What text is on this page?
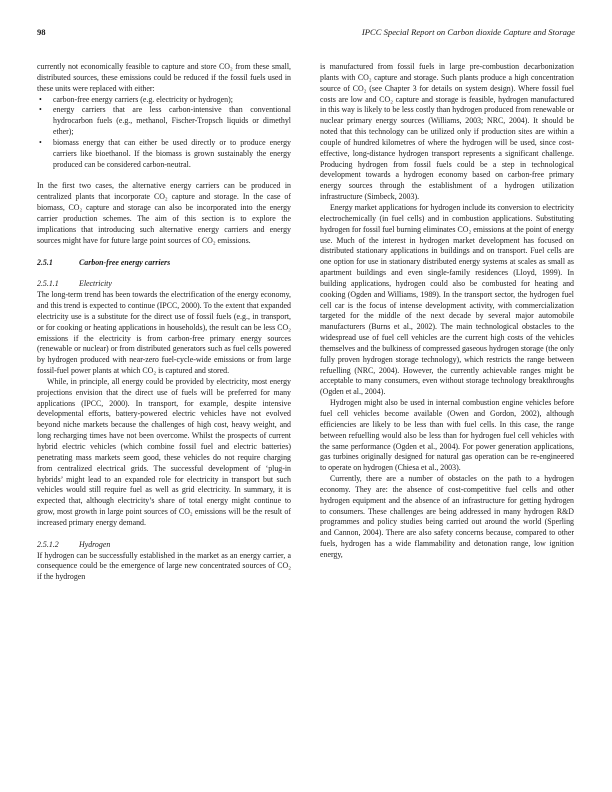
98	IPCC Special Report on Carbon dioxide Capture and Storage

currently not economically feasible to capture and store CO₂ from these small, distributed sources, these emissions could be reduced if the fossil fuels used in these units were replaced with either:

• carbon-free energy carriers (e.g. electricity or hydrogen);
• energy carriers that are less carbon-intensive than conventional hydrocarbon fuels (e.g., methanol, Fischer-Tropsch liquids or dimethyl ether);
• biomass energy that can either be used directly or to produce energy carriers like bioethanol. If the biomass is grown sustainably the energy produced can be considered carbon-neutral.

In the first two cases, the alternative energy carriers can be produced in centralized plants that incorporate CO₂ capture and storage. In the case of biomass, CO₂ capture and storage can also be incorporated into the energy carrier production schemes. The aim of this section is to explore the implications that introducing such alternative energy carriers and energy sources might have for future large point sources of CO₂ emissions.

2.5.1	Carbon-free energy carriers
2.5.1.1	Electricity

The long-term trend has been towards the electrification of the energy economy, and this trend is expected to continue (IPCC, 2000). To the extent that expanded electricity use is a substitute for the direct use of fossil fuels (e.g., in transport, or for cooking or heating applications in households), the result can be less CO₂ emissions if the electricity is from carbon-free primary energy sources (renewable or nuclear) or from distributed generators such as fuel cells powered by hydrogen produced with near-zero fuel-cycle-wide emissions or from large fossil-fuel power plants at which CO₂ is captured and stored.

While, in principle, all energy could be provided by electricity, most energy projections envision that the direct use of fuels will be preferred for many applications (IPCC, 2000). In transport, for example, despite intensive developmental efforts, battery-powered electric vehicles have not evolved beyond niche markets because the challenges of high cost, heavy weight, and long recharging times have not been overcome. Whilst the prospects of current hybrid electric vehicles (which combine fossil fuel and electric batteries) penetrating mass markets seem good, these vehicles do not require charging from centralized electrical grids. The successful development of ‘plug-in hybrids’ might lead to an expanded role for electricity in transport but such vehicles would still require fuel as well as grid electricity. In summary, it is expected that, although electricity’s share of total energy might continue to grow, most growth in large point sources of CO₂ emissions will be the result of increased primary energy demand.

2.5.1.2	Hydrogen

If hydrogen can be successfully established in the market as an energy carrier, a consequence could be the emergence of large new concentrated sources of CO₂ if the hydrogen

is manufactured from fossil fuels in large pre-combustion decarbonization plants with CO₂ capture and storage. Such plants produce a high concentration source of CO₂ (see Chapter 3 for details on system design). Where fossil fuel costs are low and CO₂ capture and storage is feasible, hydrogen manufactured in this way is likely to be less costly than hydrogen produced from renewable or nuclear primary energy sources (Williams, 2003; NRC, 2004). It should be noted that this technology can be utilized only if production sites are within a couple of hundred kilometres of where the hydrogen will be used, since cost-effective, long-distance hydrogen transport represents a significant challenge. Producing hydrogen from fossil fuels could be a step in technological development towards a hydrogen economy based on carbon-free primary energy sources through the establishment of a hydrogen utilization infrastructure (Simbeck, 2003).

Energy market applications for hydrogen include its conversion to electricity electrochemically (in fuel cells) and in combustion applications. Substituting hydrogen for fossil fuel burning eliminates CO₂ emissions at the point of energy use. Much of the interest in hydrogen market development has focused on distributed stationary applications in buildings and on transport. Fuel cells are one option for use in stationary distributed energy systems at scales as small as apartment buildings and even single-family residences (Lloyd, 1999). In building applications, hydrogen could also be combusted for heating and cooking (Ogden and Williams, 1989). In the transport sector, the hydrogen fuel cell car is the focus of intense development activity, with commercialization targeted for the middle of the next decade by several major automobile manufacturers (Burns et al., 2002). The main technological obstacles to the widespread use of fuel cell vehicles are the current high costs of the vehicles themselves and the bulkiness of compressed gaseous hydrogen storage (the only fully proven hydrogen storage technology), which restricts the range between refuelling (NRC, 2004). However, the currently achievable ranges might be acceptable to many consumers, even without storage technology breakthroughs (Ogden et al., 2004).

Hydrogen might also be used in internal combustion engine vehicles before fuel cell vehicles become available (Owen and Gordon, 2002), although efficiencies are likely to be less than with fuel cells. In this case, the range between refuelling would also be less than for hydrogen fuel cell vehicles with the same performance (Ogden et al., 2004). For power generation applications, gas turbines originally designed for natural gas operation can be re-engineered to operate on hydrogen (Chiesa et al., 2003).

Currently, there are a number of obstacles on the path to a hydrogen economy. They are: the absence of cost-competitive fuel cells and other hydrogen equipment and the absence of an infrastructure for getting hydrogen to consumers. These challenges are being addressed in many hydrogen R&D programmes and policy studies being carried out around the world (Sperling and Cannon, 2004). There are also safety concerns because, compared to other fuels, hydrogen has a wide flammability and detonation range, low ignition energy,
